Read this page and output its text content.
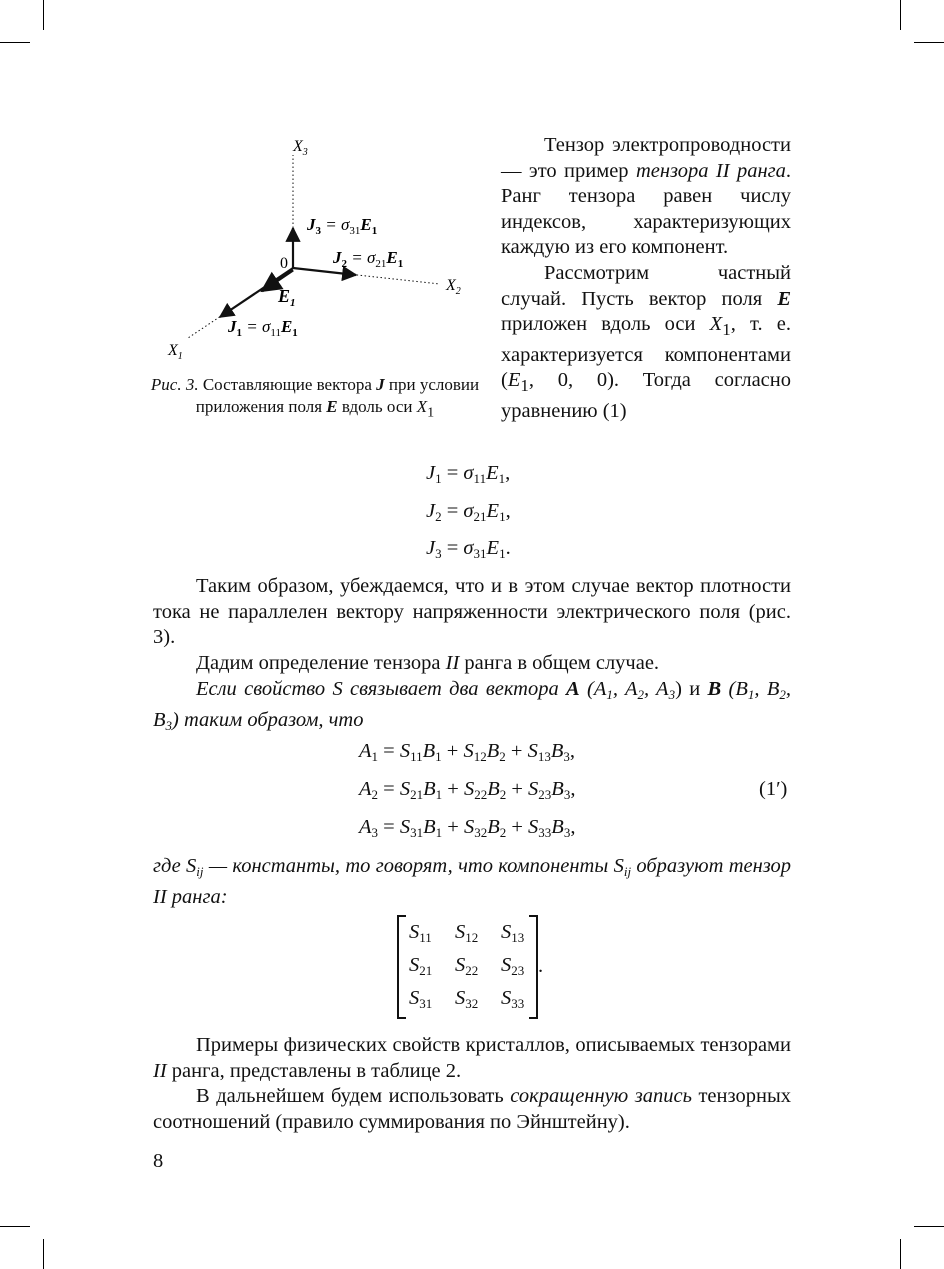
$X_3$
$X_2$
$X_1$
0
$J_3 = \sigma_{31}E_1$
$J_2 = \sigma_{21}E_1$
$E_1$
$J_1 = \sigma_{11}E_1$
Рис. 3. Составляющие вектора J при условии приложения поля E вдоль оси $X_1$

Тензор электропроводности — это пример тензора II ранга. Ранг тензора равен числу индексов, характеризующих каждую из его компонент.

Рассмотрим частный случай. Пусть вектор поля E приложен вдоль оси $X_1$, т. е. характеризуется компонентами ($E_1$, 0, 0). Тогда согласно уравнению (1)

$J_1 = \sigma_{11}E_1$,
$J_2 = \sigma_{21}E_1$,
$J_3 = \sigma_{31}E_1$.

Таким образом, убеждаемся, что и в этом случае вектор плотности тока не параллелен вектору напряженности электрического поля (рис. 3).

Дадим определение тензора II ранга в общем случае.

Если свойство S связывает два вектора A ($A_1$, $A_2$, $A_3$) и B ($B_1$, $B_2$, $B_3$) таким образом, что

$A_1 = S_{11}B_1 + S_{12}B_2 + S_{13}B_3$,
$A_2 = S_{21}B_1 + S_{22}B_2 + S_{23}B_3$,
$A_3 = S_{31}B_1 + S_{32}B_2 + S_{33}B_3$,
(1′)

где $S_{ij}$ — константы, то говорят, что компоненты $S_{ij}$ образуют тензор II ранга:

$S_{11}$ $S_{12}$ $S_{13}$
$S_{21}$ $S_{22}$ $S_{23}$
$S_{31}$ $S_{32}$ $S_{33}$
.

Примеры физических свойств кристаллов, описываемых тензорами II ранга, представлены в таблице 2.

В дальнейшем будем использовать сокращенную запись тензорных соотношений (правило суммирования по Эйнштейну).

8
